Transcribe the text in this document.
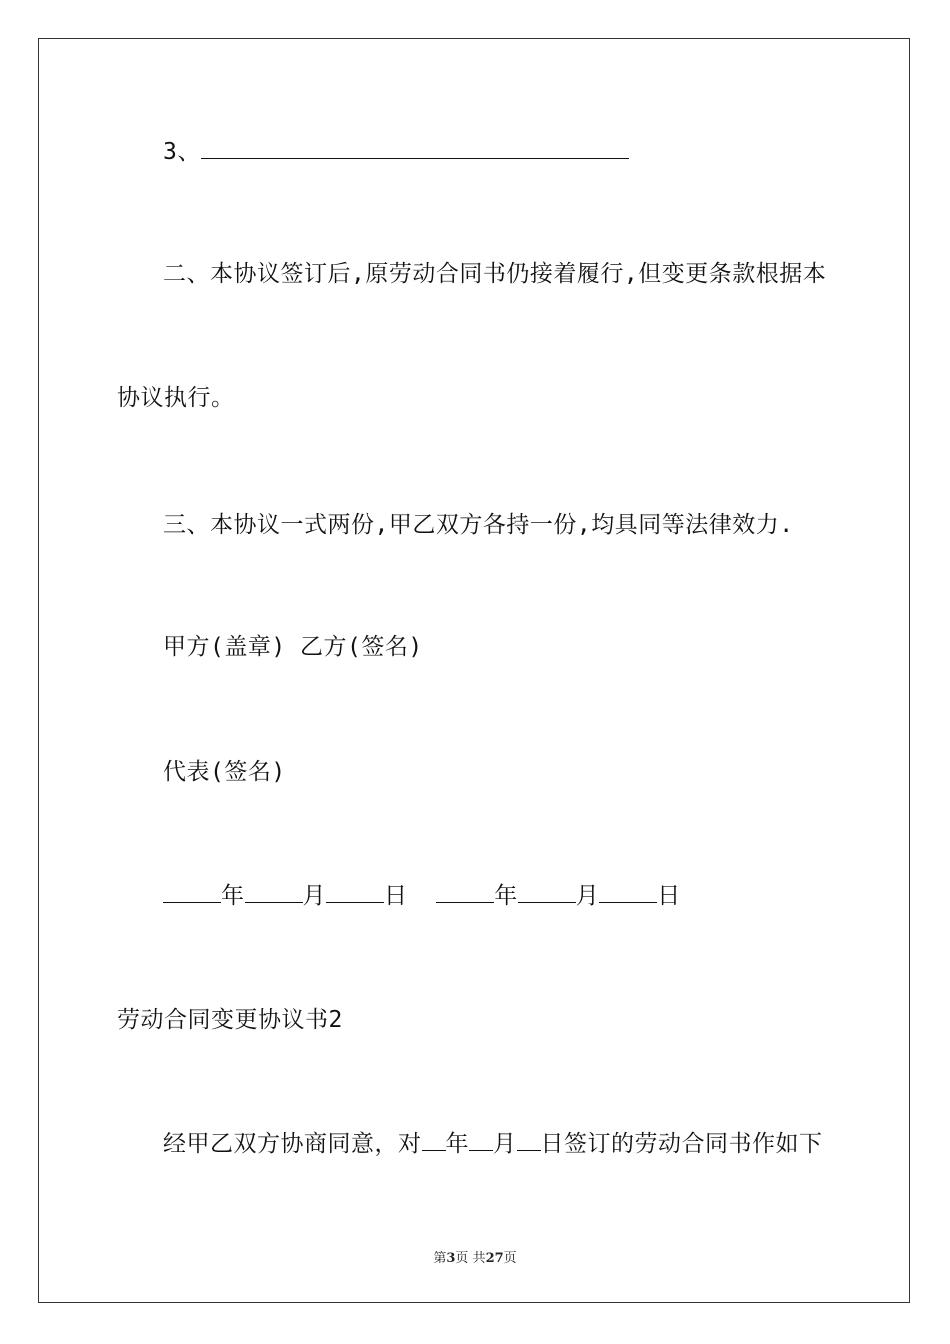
3、
二、本协议签订后,原劳动合同书仍接着履行,但变更条款根据本
协议执行。
三、本协议一式两份,甲乙双方各持一份,均具同等法律效力.
甲方(盖章) 乙方(签名)
代表(签名)
年	月	日	年	月	日
劳动合同变更协议书2
经甲乙双方协商同意，对 年 月 日签订的劳动合同书作如下
第3页 共27页
